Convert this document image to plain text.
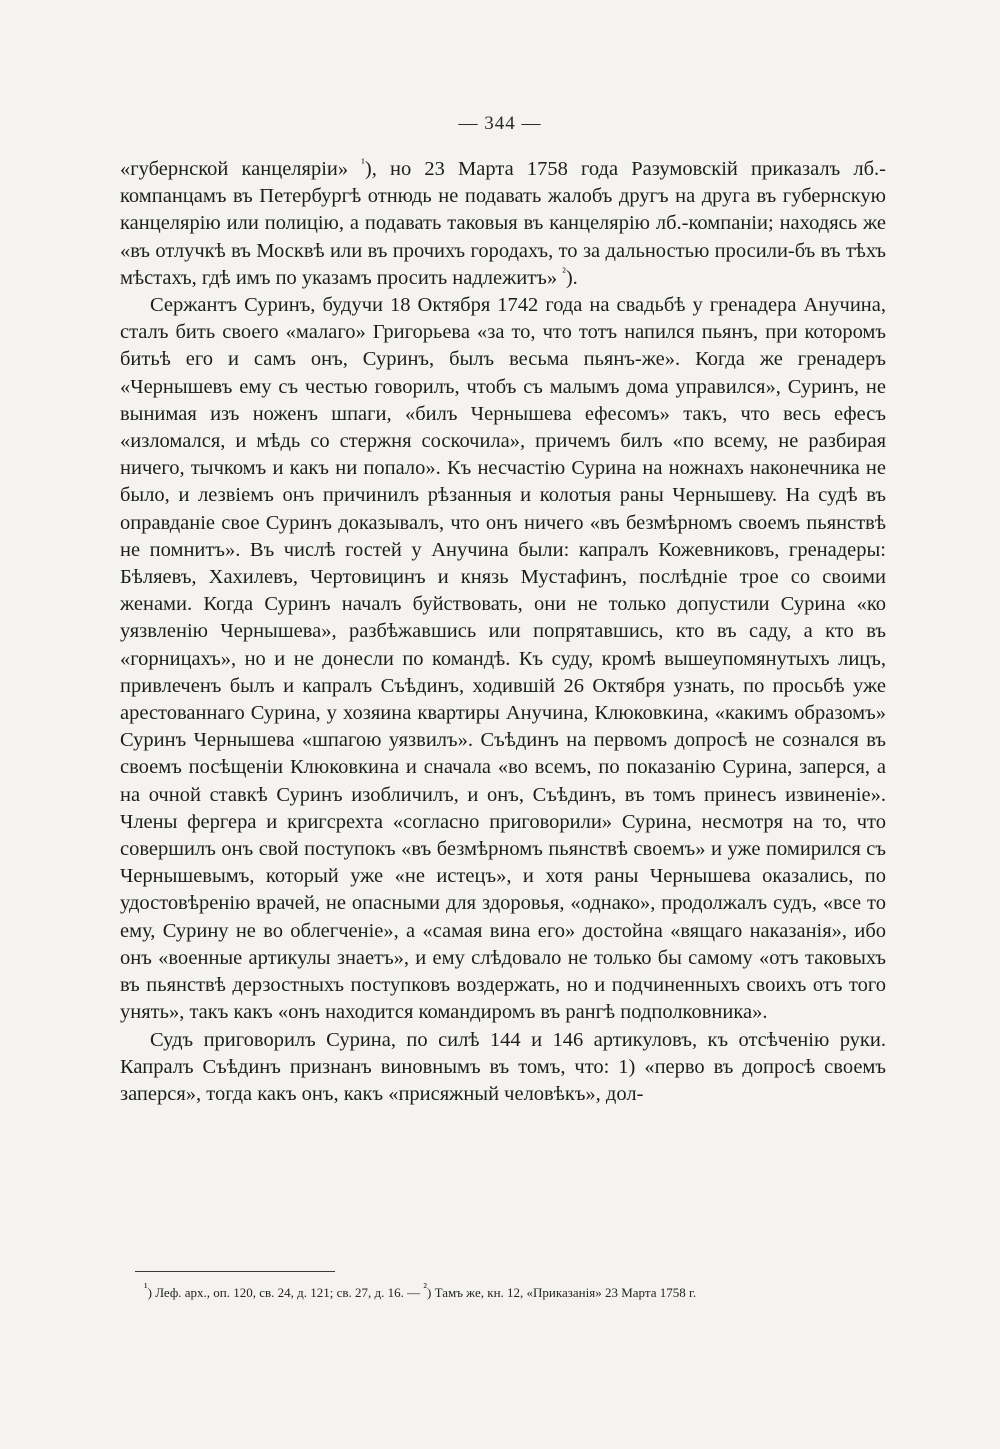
— 344 —

«губернской канцеляріи» $^{^1}$), но 23 Марта 1758 года Разумовскій приказалъ лб.-компанцамъ въ Петербургѣ отнюдь не подавать жалобъ другъ на друга въ губернскую канцелярію или полицію, а подавать таковыя въ канцелярію лб.-компаніи; находясь же «въ отлучкѣ въ Москвѣ или въ прочихъ городахъ, то за дальностью просили-бъ въ тѣхъ мѣстахъ, гдѣ имъ по указамъ просить надлежитъ» $^{^2}$).

Сержантъ Суринъ, будучи 18 Октября 1742 года на свадьбѣ у гренадера Анучина, сталъ бить своего «малаго» Григорьева «за то, что тотъ напился пьянъ, при которомъ битьѣ его и самъ онъ, Суринъ, былъ весьма пьянъ-же». Когда же гренадеръ «Чернышевъ ему съ честью говорилъ, чтобъ съ малымъ дома управился», Суринъ, не вынимая изъ ноженъ шпаги, «билъ Чернышева ефесомъ» такъ, что весь ефесъ «изломался, и мѣдь со стержня соскочила», причемъ билъ «по всему, не разбирая ничего, тычкомъ и какъ ни попало». Къ несчастію Сурина на ножнахъ наконечника не было, и лезвіемъ онъ причинилъ рѣзанныя и колотыя раны Чернышеву. На судѣ въ оправданіе свое Суринъ доказывалъ, что онъ ничего «въ безмѣрномъ своемъ пьянствѣ не помнитъ». Въ числѣ гостей у Анучина были: капралъ Кожевниковъ, гренадеры: Бѣляевъ, Хахилевъ, Чертовицинъ и князь Мустафинъ, послѣдніе трое со своими женами. Когда Суринъ началъ буйствовать, они не только допустили Сурина «ко уязвленію Чернышева», разбѣжавшись или попрятавшись, кто въ саду, а кто въ «горницахъ», но и не донесли по командѣ. Къ суду, кромѣ вышеупомянутыхъ лицъ, привлеченъ былъ и капралъ Съѣдинъ, ходившій 26 Октября узнать, по просьбѣ уже арестованнаго Сурина, у хозяина квартиры Анучина, Клюковкина, «какимъ образомъ» Суринъ Чернышева «шпагою уязвилъ». Съѣдинъ на первомъ допросѣ не сознался въ своемъ посѣщеніи Клюковкина и сначала «во всемъ, по показанію Сурина, заперся, а на очной ставкѣ Суринъ изобличилъ, и онъ, Съѣдинъ, въ томъ принесъ извиненіе». Члены фергера и кригсрехта «согласно приговорили» Сурина, несмотря на то, что совершилъ онъ свой поступокъ «въ безмѣрномъ пьянствѣ своемъ» и уже помирился съ Чернышевымъ, который уже «не истецъ», и хотя раны Чернышева оказались, по удостовѣренію врачей, не опасными для здоровья, «однако», продолжалъ судъ, «все то ему, Сурину не во облегченіе», а «самая вина его» достойна «вящаго наказанія», ибо онъ «военные артикулы знаетъ», и ему слѣдовало не только бы самому «отъ таковыхъ въ пьянствѣ дерзостныхъ поступковъ воздержать, но и подчиненныхъ своихъ отъ того унять», такъ какъ «онъ находится командиромъ въ рангѣ подполковника».

Судъ приговорилъ Сурина, по силѣ 144 и 146 артикуловъ, къ отсѣченію руки. Капралъ Съѣдинъ признанъ виновнымъ въ томъ, что: 1) «перво въ допросѣ своемъ заперся», тогда какъ онъ, какъ «присяжный человѣкъ», дол-

$^{^1}$) Леф. арх., оп. 120, св. 24, д. 121; св. 27, д. 16. — $^{^2}$) Тамъ же, кн. 12, «Приказанія» 23 Марта 1758 г.
